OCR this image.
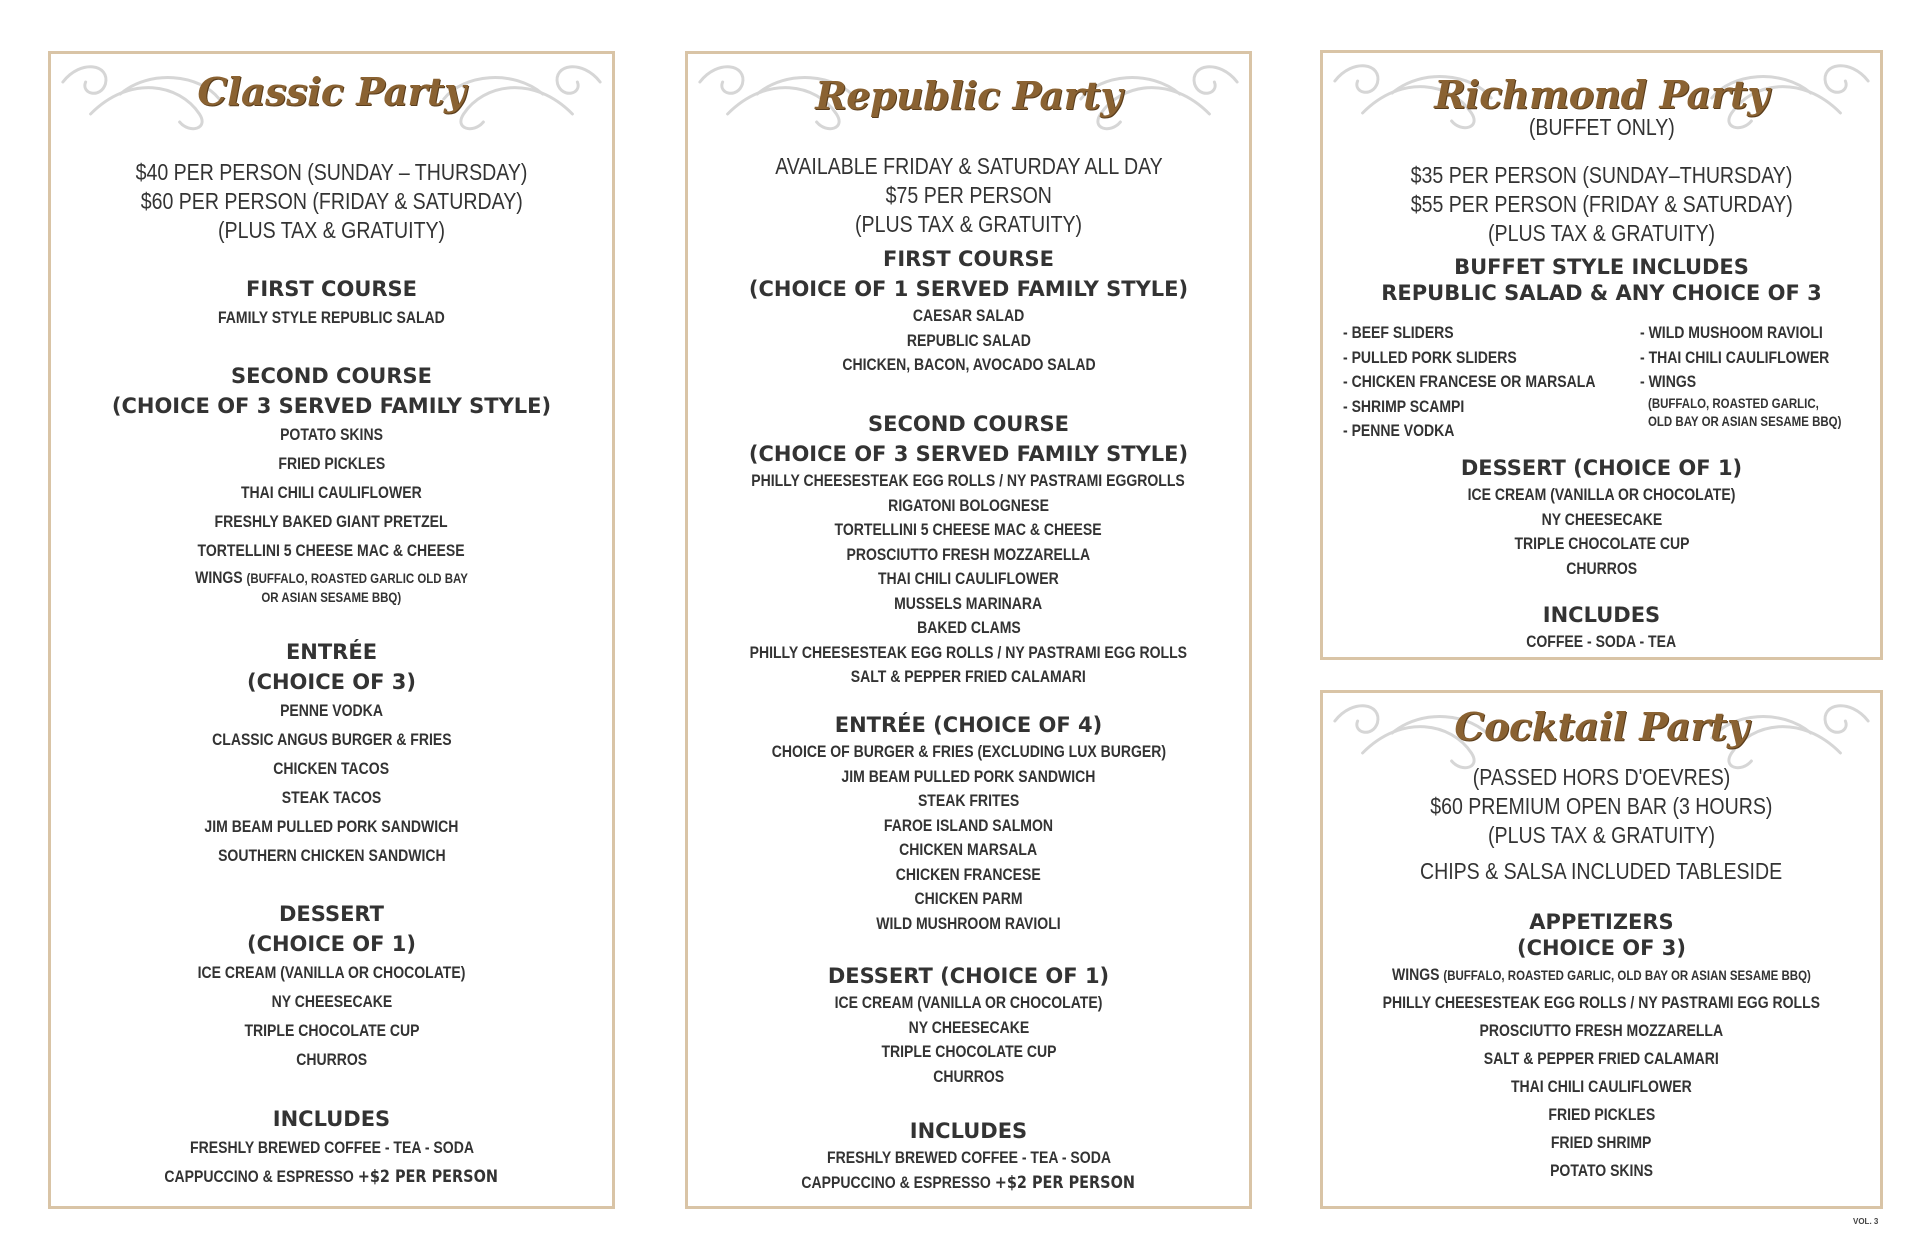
Classic Party
$40 PER PERSON (SUNDAY – THURSDAY)
$60 PER PERSON (FRIDAY & SATURDAY)
(PLUS TAX & GRATUITY)
FIRST COURSE
FAMILY STYLE REPUBLIC SALAD
SECOND COURSE
(CHOICE OF 3 SERVED FAMILY STYLE)
POTATO SKINS
FRIED PICKLES
THAI CHILI CAULIFLOWER
FRESHLY BAKED GIANT PRETZEL
TORTELLINI 5 CHEESE MAC & CHEESE
WINGS (BUFFALO, ROASTED GARLIC OLD BAY
OR ASIAN SESAME BBQ)
ENTRÉE
(CHOICE OF 3)
PENNE VODKA
CLASSIC ANGUS BURGER & FRIES
CHICKEN TACOS
STEAK TACOS
JIM BEAM PULLED PORK SANDWICH
SOUTHERN CHICKEN SANDWICH
DESSERT
(CHOICE OF 1)
ICE CREAM (VANILLA OR CHOCOLATE)
NY CHEESECAKE
TRIPLE CHOCOLATE CUP
CHURROS
INCLUDES
FRESHLY BREWED COFFEE - TEA - SODA
CAPPUCCINO & ESPRESSO +$2 PER PERSON
Republic Party
AVAILABLE FRIDAY & SATURDAY ALL DAY
$75 PER PERSON
(PLUS TAX & GRATUITY)
FIRST COURSE
(CHOICE OF 1 SERVED FAMILY STYLE)
CAESAR SALAD
REPUBLIC SALAD
CHICKEN, BACON, AVOCADO SALAD
SECOND COURSE
(CHOICE OF 3 SERVED FAMILY STYLE)
PHILLY CHEESESTEAK EGG ROLLS / NY PASTRAMI EGGROLLS
RIGATONI BOLOGNESE
TORTELLINI 5 CHEESE MAC & CHEESE
PROSCIUTTO FRESH MOZZARELLA
THAI CHILI CAULIFLOWER
MUSSELS MARINARA
BAKED CLAMS
PHILLY CHEESESTEAK EGG ROLLS / NY PASTRAMI EGG ROLLS
SALT & PEPPER FRIED CALAMARI
ENTRÉE (CHOICE OF 4)
CHOICE OF BURGER & FRIES (EXCLUDING LUX BURGER)
JIM BEAM PULLED PORK SANDWICH
STEAK FRITES
FAROE ISLAND SALMON
CHICKEN MARSALA
CHICKEN FRANCESE
CHICKEN PARM
WILD MUSHROOM RAVIOLI
DESSERT (CHOICE OF 1)
ICE CREAM (VANILLA OR CHOCOLATE)
NY CHEESECAKE
TRIPLE CHOCOLATE CUP
CHURROS
INCLUDES
FRESHLY BREWED COFFEE - TEA - SODA
CAPPUCCINO & ESPRESSO +$2 PER PERSON
Richmond Party
(BUFFET ONLY)
$35 PER PERSON (SUNDAY–THURSDAY)
$55 PER PERSON (FRIDAY & SATURDAY)
(PLUS TAX & GRATUITY)
BUFFET STYLE INCLUDES
REPUBLIC SALAD & ANY CHOICE OF 3
- BEEF SLIDERS
- PULLED PORK SLIDERS
- CHICKEN FRANCESE OR MARSALA
- SHRIMP SCAMPI
- PENNE VODKA
- WILD MUSHOOM RAVIOLI
- THAI CHILI CAULIFLOWER
- WINGS
(BUFFALO, ROASTED GARLIC,
OLD BAY OR ASIAN SESAME BBQ)
DESSERT (CHOICE OF 1)
ICE CREAM (VANILLA OR CHOCOLATE)
NY CHEESECAKE
TRIPLE CHOCOLATE CUP
CHURROS
INCLUDES
COFFEE - SODA - TEA
Cocktail Party
(PASSED HORS D'OEVRES)
$60 PREMIUM OPEN BAR (3 HOURS)
(PLUS TAX & GRATUITY)
CHIPS & SALSA INCLUDED TABLESIDE
APPETIZERS
(CHOICE OF 3)
WINGS (BUFFALO, ROASTED GARLIC, OLD BAY OR ASIAN SESAME BBQ)
PHILLY CHEESESTEAK EGG ROLLS / NY PASTRAMI EGG ROLLS
PROSCIUTTO FRESH MOZZARELLA
SALT & PEPPER FRIED CALAMARI
THAI CHILI CAULIFLOWER
FRIED PICKLES
FRIED SHRIMP
POTATO SKINS
VOL. 3
